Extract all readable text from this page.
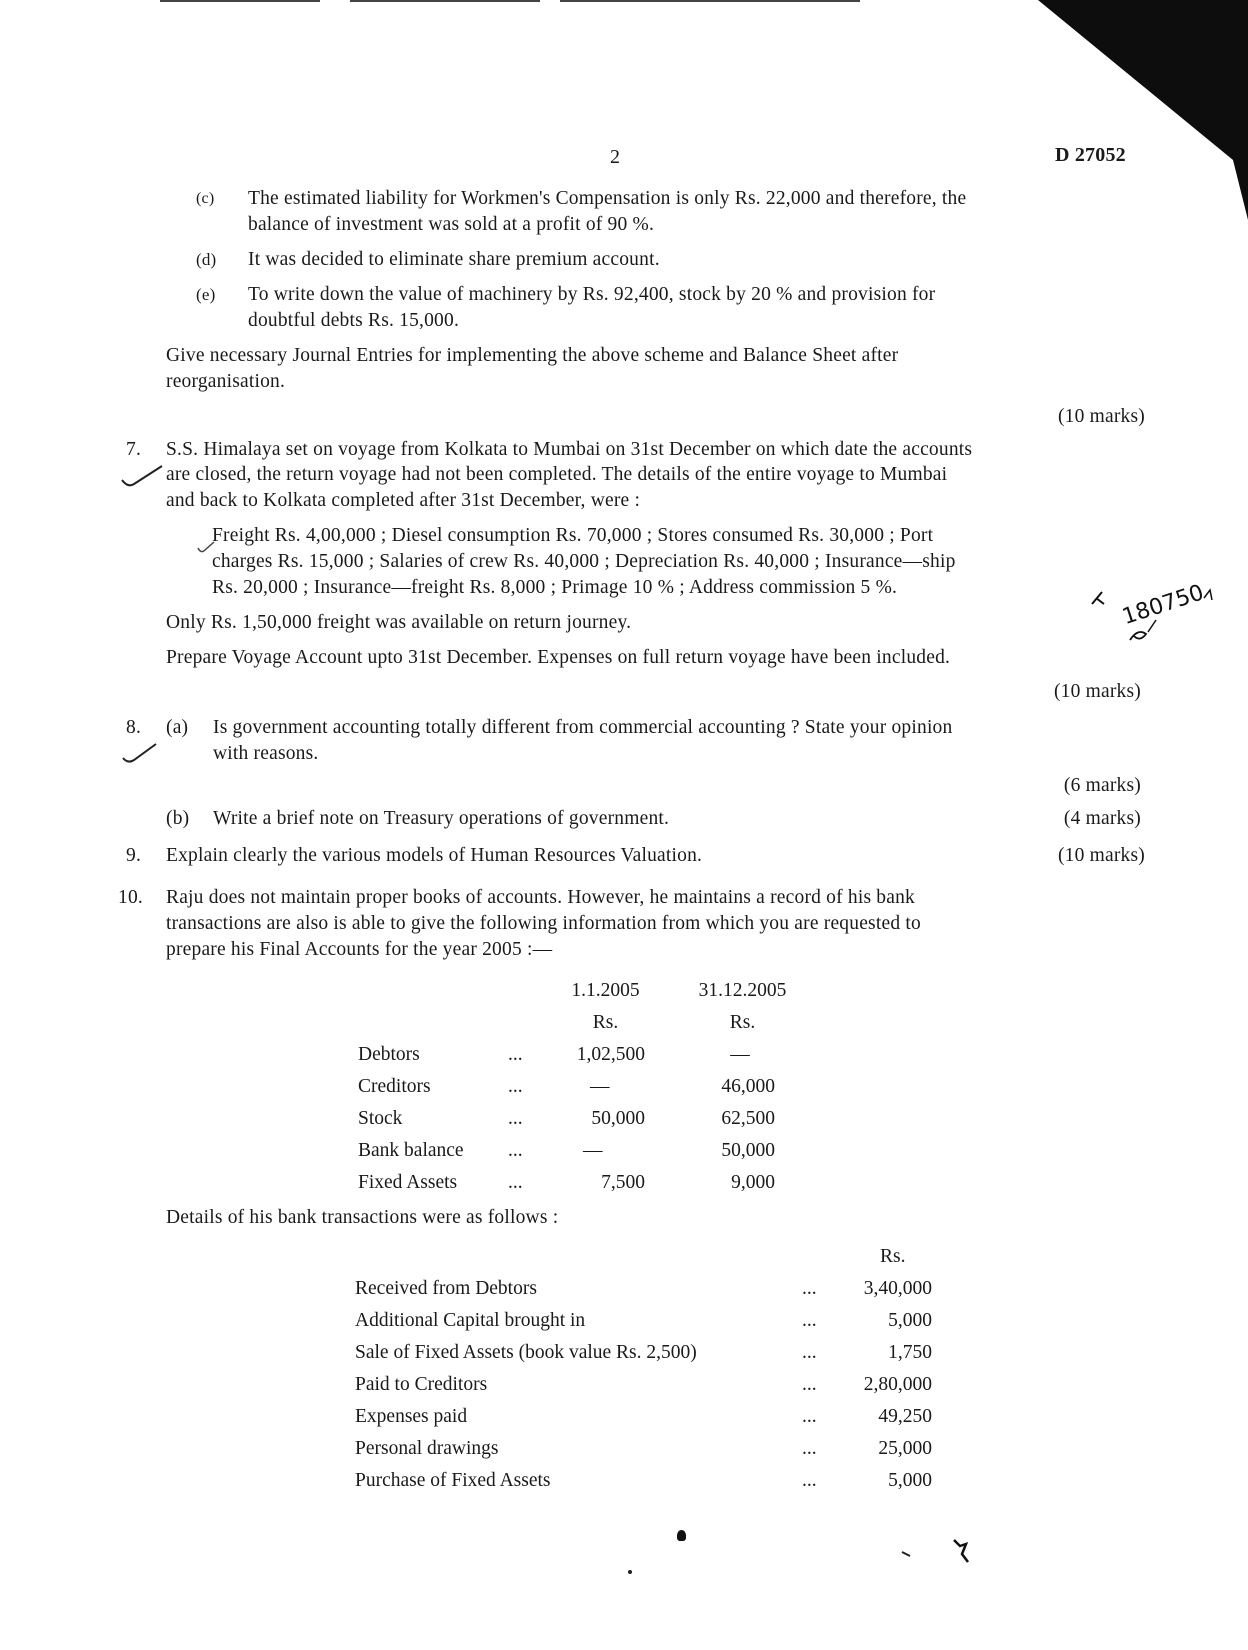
2	D 27052
(c) The estimated liability for Workmen's Compensation is only Rs. 22,000 and therefore, the
balance of investment was sold at a profit of 90 %.
(d) It was decided to eliminate share premium account.
(e) To write down the value of machinery by Rs. 92,400, stock by 20 % and provision for
doubtful debts Rs. 15,000.
Give necessary Journal Entries for implementing the above scheme and Balance Sheet after
reorganisation.
(10 marks)
7. S.S. Himalaya set on voyage from Kolkata to Mumbai on 31st December on which date the accounts
are closed, the return voyage had not been completed. The details of the entire voyage to Mumbai
and back to Kolkata completed after 31st December, were :
Freight Rs. 4,00,000 ; Diesel consumption Rs. 70,000 ; Stores consumed Rs. 30,000 ; Port
charges Rs. 15,000 ; Salaries of crew Rs. 40,000 ; Depreciation Rs. 40,000 ; Insurance—ship
Rs. 20,000 ; Insurance—freight Rs. 8,000 ; Primage 10 % ; Address commission 5 %.
Only Rs. 1,50,000 freight was available on return journey.
Prepare Voyage Account upto 31st December. Expenses on full return voyage have been included.
(10 marks)
8. (a) Is government accounting totally different from commercial accounting ? State your opinion
with reasons.
(6 marks)
(b) Write a brief note on Treasury operations of government.	(4 marks)
9. Explain clearly the various models of Human Resources Valuation.	(10 marks)
10. Raju does not maintain proper books of accounts. However, he maintains a record of his bank
transactions are also is able to give the following information from which you are requested to
prepare his Final Accounts for the year 2005 :—
1.1.2005	31.12.2005
Rs.	Rs.
Debtors	...	1,02,500	—
Creditors	...	—	46,000
Stock	...	50,000	62,500
Bank balance ...	—	50,000
Fixed Assets	...	7,500	9,000
Details of his bank transactions were as follows :
Rs.
Received from Debtors	...	3,40,000
Additional Capital brought in	...	5,000
Sale of Fixed Assets (book value Rs. 2,500)	...	1,750
Paid to Creditors	...	2,80,000
Expenses paid	...	49,250
Personal drawings	...	25,000
Purchase of Fixed Assets	...	5,000
180750
